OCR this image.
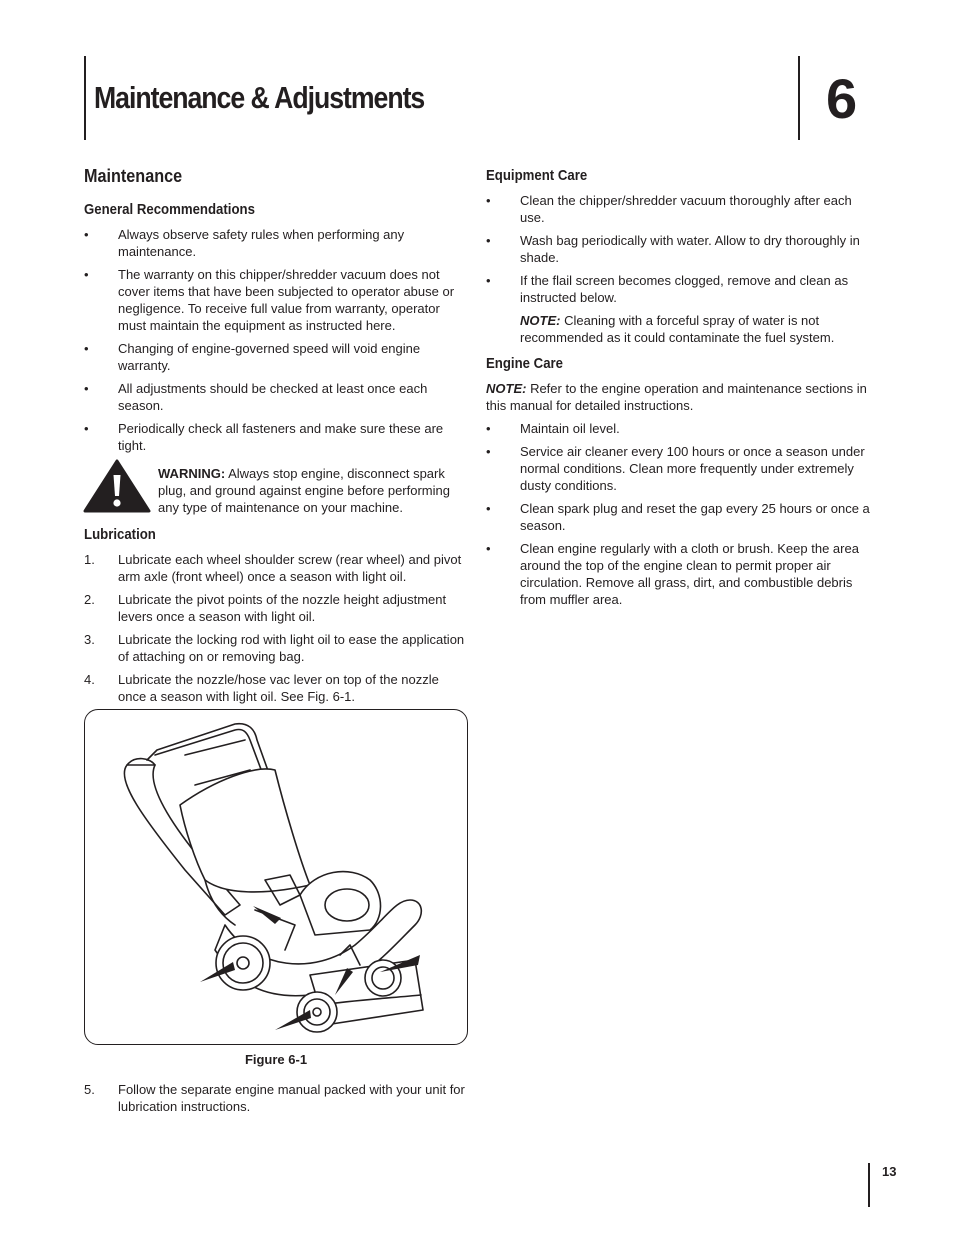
Maintenance & Adjustments	6
Maintenance
General Recommendations
• Always observe safety rules when performing any maintenance.
• The warranty on this chipper/shredder vacuum does not cover items that have been subjected to operator abuse or negligence. To receive full value from warranty, operator must maintain the equipment as instructed here.
• Changing of engine-governed speed will void engine warranty.
• All adjustments should be checked at least once each season.
• Periodically check all fasteners and make sure these are tight.
WARNING: Always stop engine, disconnect spark plug, and ground against engine before performing any type of maintenance on your machine.
Lubrication
1. Lubricate each wheel shoulder screw (rear wheel) and pivot arm axle (front wheel) once a season with light oil.
2. Lubricate the pivot points of the nozzle height adjustment levers once a season with light oil.
3. Lubricate the locking rod with light oil to ease the application of attaching on or removing bag.
4. Lubricate the nozzle/hose vac lever on top of the nozzle once a season with light oil. See Fig. 6-1.
Figure 6-1
5. Follow the separate engine manual packed with your unit for lubrication instructions.
Equipment Care
• Clean the chipper/shredder vacuum thoroughly after each use.
• Wash bag periodically with water. Allow to dry thoroughly in shade.
• If the flail screen becomes clogged, remove and clean as instructed below.
NOTE: Cleaning with a forceful spray of water is not recommended as it could contaminate the fuel system.
Engine Care
NOTE: Refer to the engine operation and maintenance sections in this manual for detailed instructions.
• Maintain oil level.
• Service air cleaner every 100 hours or once a season under normal conditions. Clean more frequently under extremely dusty conditions.
• Clean spark plug and reset the gap every 25 hours or once a season.
• Clean engine regularly with a cloth or brush. Keep the area around the top of the engine clean to permit proper air circulation. Remove all grass, dirt, and combustible debris from muffler area.
13
